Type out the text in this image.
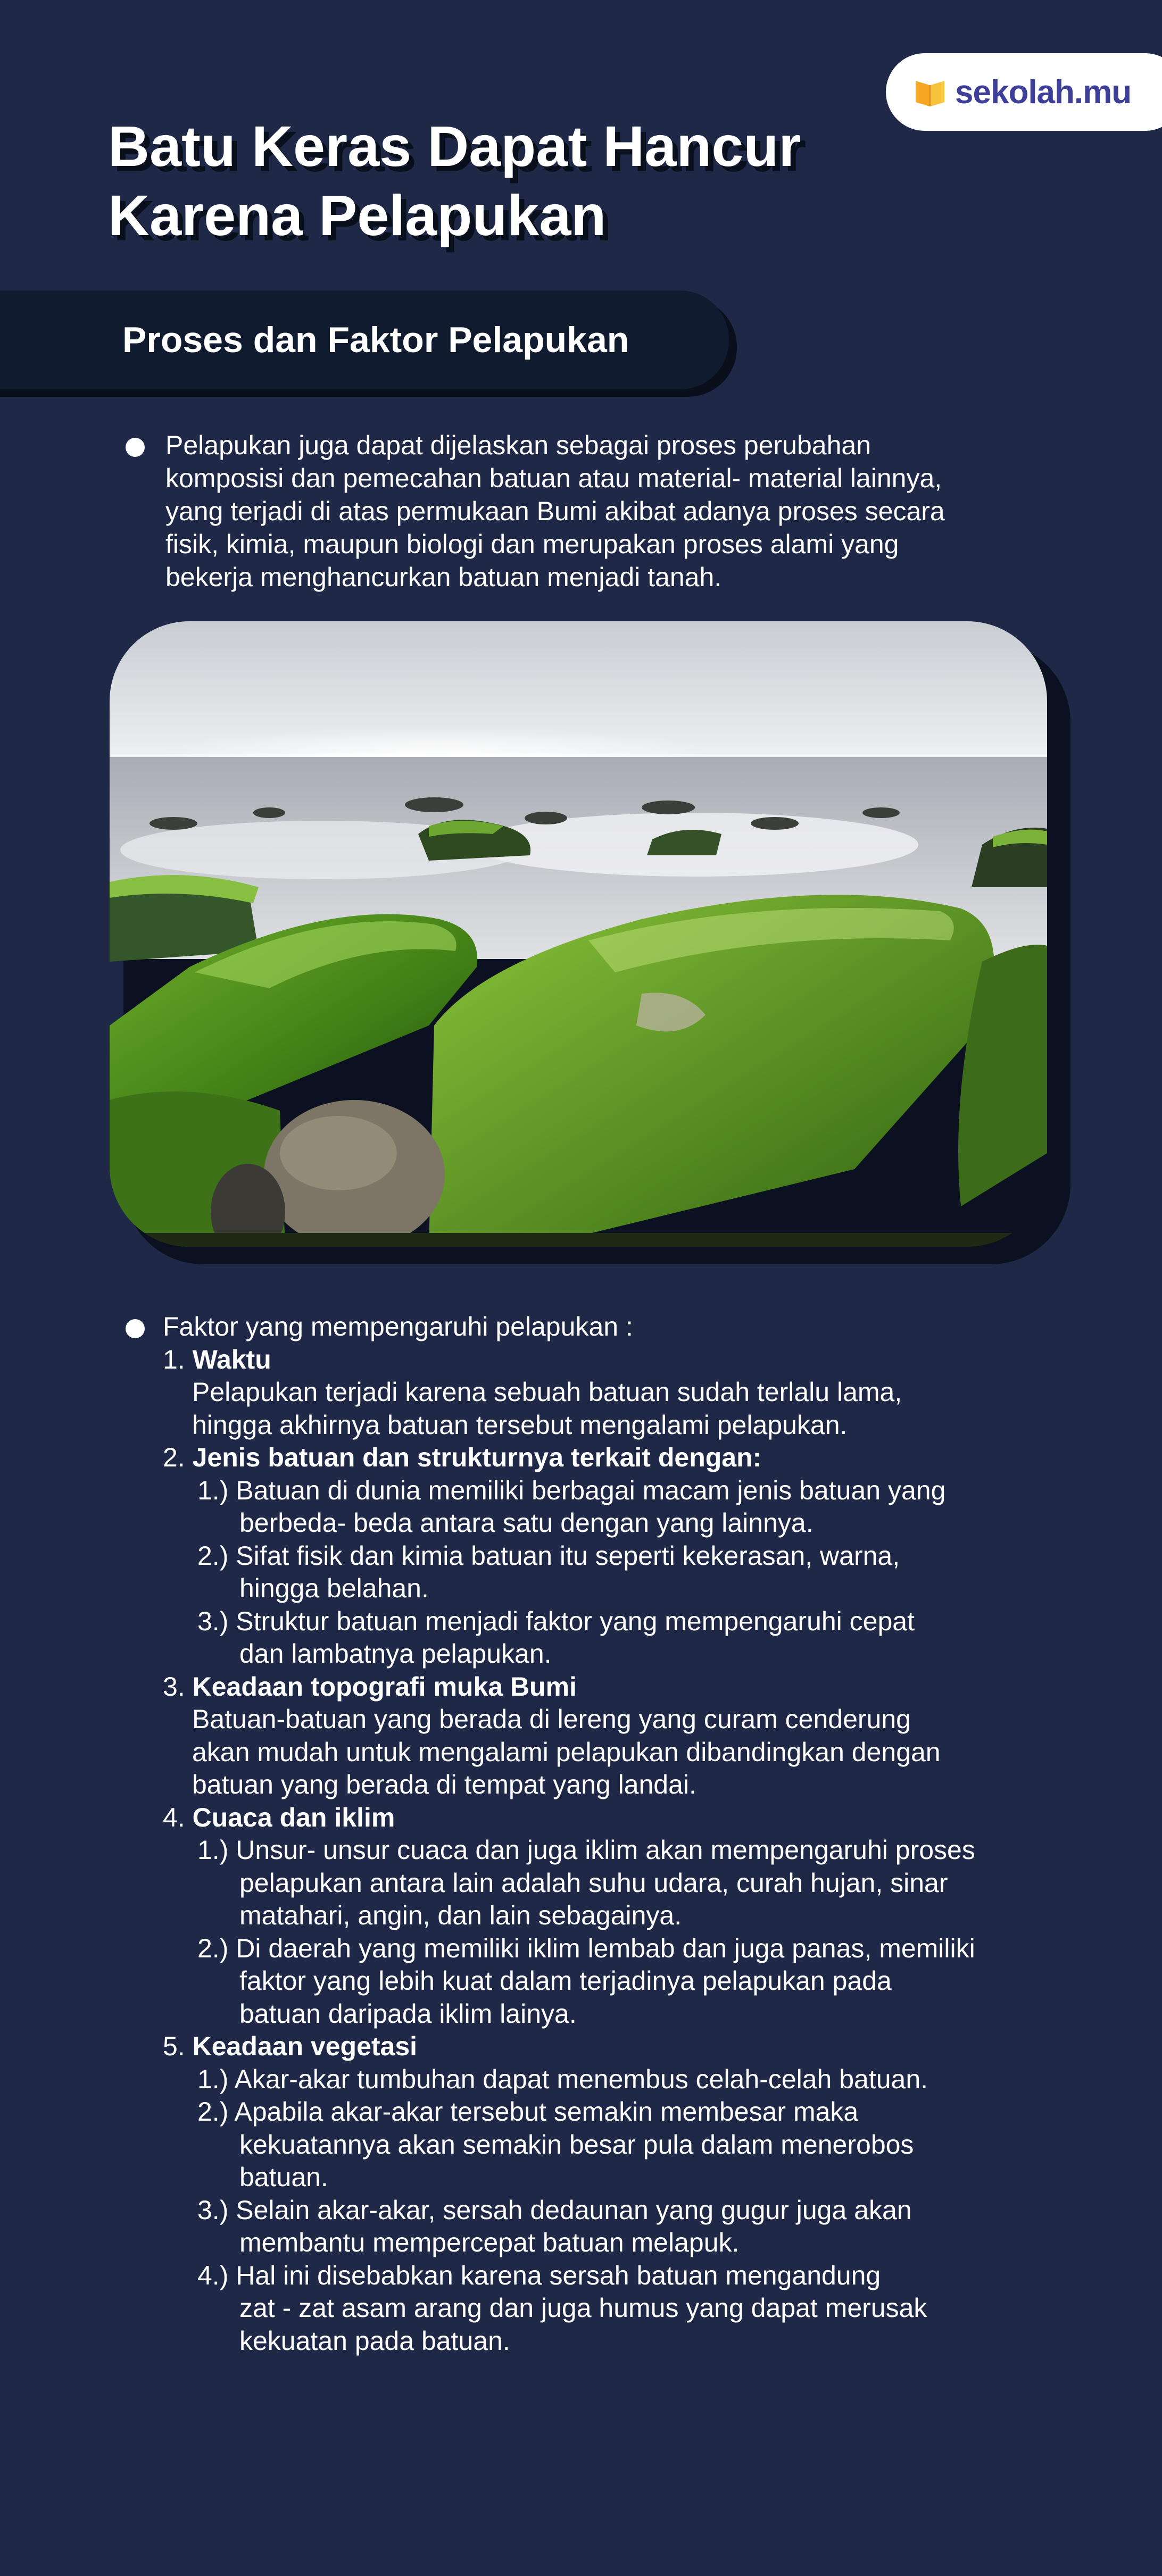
sekolah.mu
Batu Keras Dapat Hancur
Karena Pelapukan
Proses dan Faktor Pelapukan

Pelapukan juga dapat dijelaskan sebagai proses perubahan
komposisi dan pemecahan batuan atau material- material lainnya,
yang terjadi di atas permukaan Bumi akibat adanya proses secara
fisik, kimia, maupun biologi dan merupakan proses alami yang
bekerja menghancurkan batuan menjadi tanah.

Faktor yang mempengaruhi pelapukan :
1. Waktu
Pelapukan terjadi karena sebuah batuan sudah terlalu lama,
hingga akhirnya batuan tersebut mengalami pelapukan.
2. Jenis batuan dan strukturnya terkait dengan:
1.) Batuan di dunia memiliki berbagai macam jenis batuan yang
berbeda- beda antara satu dengan yang lainnya.
2.) Sifat fisik dan kimia batuan itu seperti kekerasan, warna,
hingga belahan.
3.) Struktur batuan menjadi faktor yang mempengaruhi cepat
dan lambatnya pelapukan.
3. Keadaan topografi muka Bumi
Batuan-batuan yang berada di lereng yang curam cenderung
akan mudah untuk mengalami pelapukan dibandingkan dengan
batuan yang berada di tempat yang landai.
4. Cuaca dan iklim
1.) Unsur- unsur cuaca dan juga iklim akan mempengaruhi proses
pelapukan antara lain adalah suhu udara, curah hujan, sinar
matahari, angin, dan lain sebagainya.
2.) Di daerah yang memiliki iklim lembab dan juga panas, memiliki
faktor yang lebih kuat dalam terjadinya pelapukan pada
batuan daripada iklim lainya.
5. Keadaan vegetasi
1.) Akar-akar tumbuhan dapat menembus celah-celah batuan.
2.) Apabila akar-akar tersebut semakin membesar maka
kekuatannya akan semakin besar pula dalam menerobos
batuan.
3.) Selain akar-akar, sersah dedaunan yang gugur juga akan
membantu mempercepat batuan melapuk.
4.) Hal ini disebabkan karena sersah batuan mengandung
zat - zat asam arang dan juga humus yang dapat merusak
kekuatan pada batuan.
